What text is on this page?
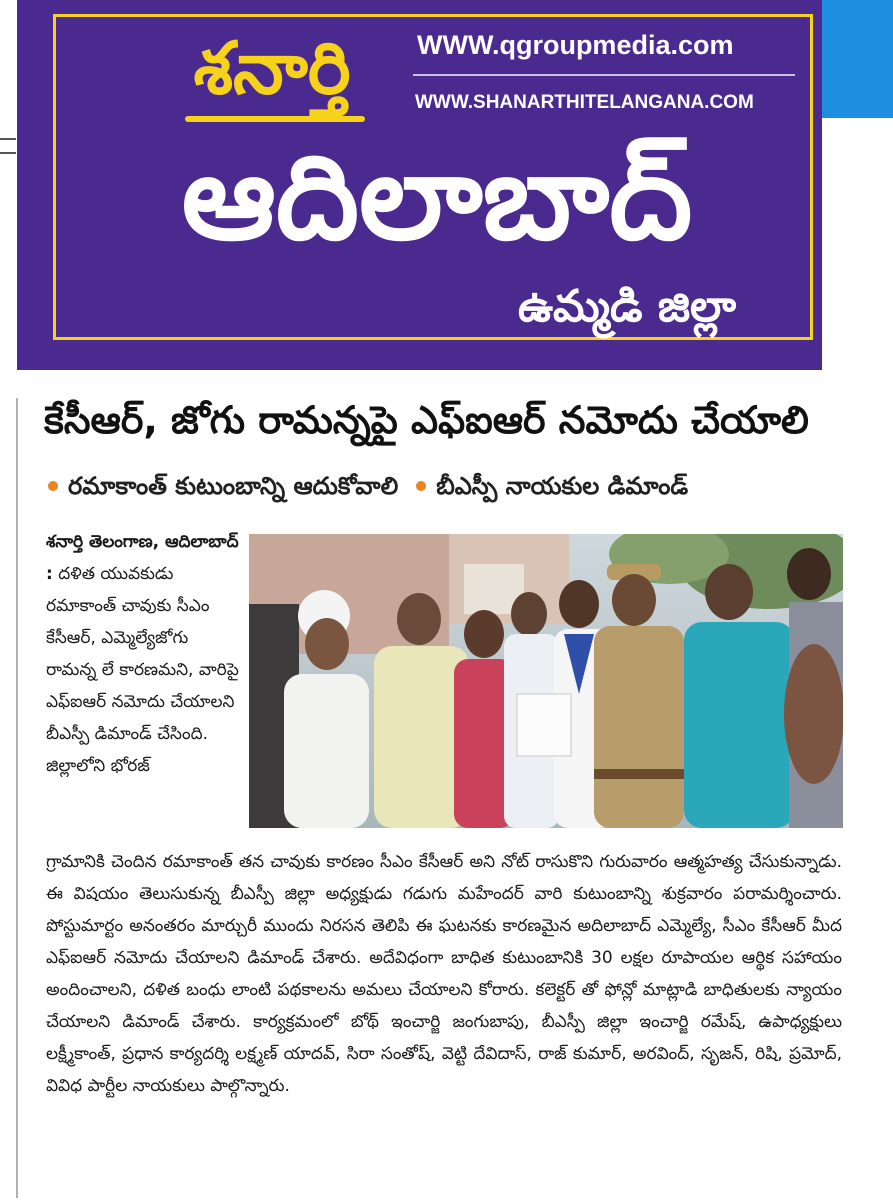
శనార్తి	WWW.qgroupmedia.com
WWW.SHANARTHITELANGANA.COM
ఆదిలాబాద్
ఉమ్మడి జిల్లా
కేసీఆర్, జోగు రామన్నపై ఎఫ్ఐఆర్ నమోదు చేయాలి
రమాకాంత్ కుటుంబాన్ని ఆదుకోవాలి బీఎస్పీ నాయకుల డిమాండ్
శనార్తి తెలంగాణ, ఆదిలాబాద్ : దళిత యువకుడు రమాకాంత్ చావుకు సీఎం కేసీఆర్, ఎమ్మెల్యేజోగు రామన్న లే కారణమని, వారిపై ఎఫ్ఐఆర్ నమోదు చేయాలని బీఎస్పీ డిమాండ్ చేసింది. జిల్లాలోని భోరజ్
గ్రామానికి చెందిన రమాకాంత్ తన చావుకు కారణం సీఎం కేసీఆర్ అని నోట్ రాసుకొని గురువారం ఆత్మహత్య చేసుకున్నాడు. ఈ విషయం తెలుసుకున్న బీఎస్పీ జిల్లా అధ్యక్షుడు గడుగు మహేందర్ వారి కుటుంబాన్ని శుక్రవారం పరామర్శించారు. పోస్టుమార్టం అనంతరం మార్చురీ ముందు నిరసన తెలిపి ఈ ఘటనకు కారణమైన అదిలాబాద్ ఎమ్మెల్యే, సీఎం కేసీఆర్ మీద ఎఫ్ఐఆర్ నమోదు చేయాలని డిమాండ్ చేశారు. అదేవిధంగా బాధిత కుటుంబానికి 30 లక్షల రూపాయల ఆర్థిక సహాయం అందించాలని, దళిత బంధు లాంటి పథకాలను అమలు చేయాలని కోరారు. కలెక్టర్ తో ఫోన్లో మాట్లాడి బాధితులకు న్యాయం చేయాలని డిమాండ్ చేశారు. కార్యక్రమంలో బోథ్ ఇంచార్జి జంగుబాపు, బీఎస్పీ జిల్లా ఇంచార్జి రమేష్, ఉపాధ్యక్షులు లక్ష్మీకాంత్, ప్రధాన కార్యదర్శి లక్ష్మణ్ యాదవ్, సిరా సంతోష్, వెట్టి దేవిదాస్, రాజ్ కుమార్, అరవింద్, సృజన్, రిషి, ప్రమోద్, వివిధ పార్టీల నాయకులు పాల్గొన్నారు.
